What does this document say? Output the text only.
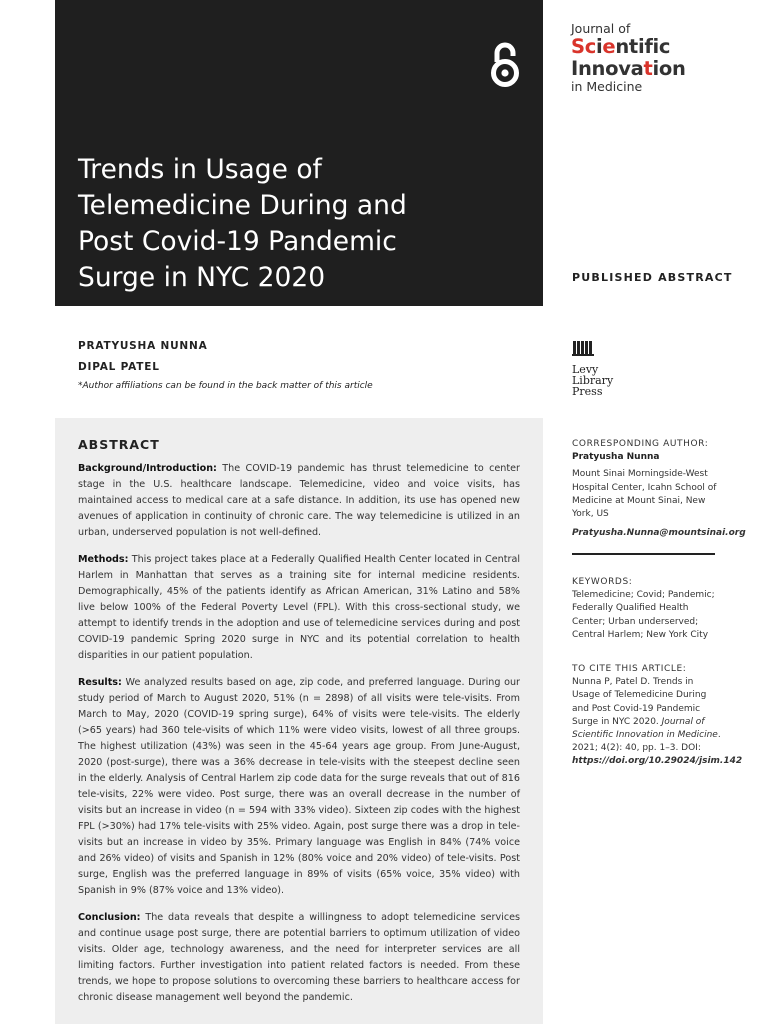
Trends in Usage of
Telemedicine During and
Post Covid-19 Pandemic
Surge in NYC 2020
Journal of
Scientific
Innovation
in Medicine
PUBLISHED ABSTRACT
PRATYUSHA NUNNA
DIPAL PATEL
*Author affiliations can be found in the back matter of this article
Levy
Library
Press
ABSTRACT

Background/Introduction: The COVID-19 pandemic has thrust telemedicine to center stage in the U.S. healthcare landscape. Telemedicine, video and voice visits, has maintained access to medical care at a safe distance. In addition, its use has opened new avenues of application in continuity of chronic care. The way telemedicine is utilized in an urban, underserved population is not well-defined.

Methods: This project takes place at a Federally Qualified Health Center located in Central Harlem in Manhattan that serves as a training site for internal medicine residents. Demographically, 45% of the patients identify as African American, 31% Latino and 58% live below 100% of the Federal Poverty Level (FPL). With this cross-sectional study, we attempt to identify trends in the adoption and use of telemedicine services during and post COVID-19 pandemic Spring 2020 surge in NYC and its potential correlation to health disparities in our patient population.

Results: We analyzed results based on age, zip code, and preferred language. During our study period of March to August 2020, 51% (n = 2898) of all visits were tele-visits. From March to May, 2020 (COVID-19 spring surge), 64% of visits were tele-visits. The elderly (>65 years) had 360 tele-visits of which 11% were video visits, lowest of all three groups. The highest utilization (43%) was seen in the 45-64 years age group. From June-August, 2020 (post-surge), there was a 36% decrease in tele-visits with the steepest decline seen in the elderly. Analysis of Central Harlem zip code data for the surge reveals that out of 816 tele-visits, 22% were video. Post surge, there was an overall decrease in the number of visits but an increase in video (n = 594 with 33% video). Sixteen zip codes with the highest FPL (>30%) had 17% tele-visits with 25% video. Again, post surge there was a drop in tele-visits but an increase in video by 35%. Primary language was English in 84% (74% voice and 26% video) of visits and Spanish in 12% (80% voice and 20% video) of tele-visits. Post surge, English was the preferred language in 89% of visits (65% voice, 35% video) with Spanish in 9% (87% voice and 13% video).

Conclusion: The data reveals that despite a willingness to adopt telemedicine services and continue usage post surge, there are potential barriers to optimum utilization of video visits. Older age, technology awareness, and the need for interpreter services are all limiting factors. Further investigation into patient related factors is needed. From these trends, we hope to propose solutions to overcoming these barriers to healthcare access for chronic disease management well beyond the pandemic.

CORRESPONDING AUTHOR:
Pratyusha Nunna
Mount Sinai Morningside-West Hospital Center, Icahn School of Medicine at Mount Sinai, New York, US
Pratyusha.Nunna@mountsinai.org
KEYWORDS:
Telemedicine; Covid; Pandemic; Federally Qualified Health Center; Urban underserved; Central Harlem; New York City
TO CITE THIS ARTICLE:
Nunna P, Patel D. Trends in Usage of Telemedicine During and Post Covid-19 Pandemic Surge in NYC 2020. Journal of Scientific Innovation in Medicine. 2021; 4(2): 40, pp. 1–3. DOI: https://doi.org/10.29024/jsim.142
